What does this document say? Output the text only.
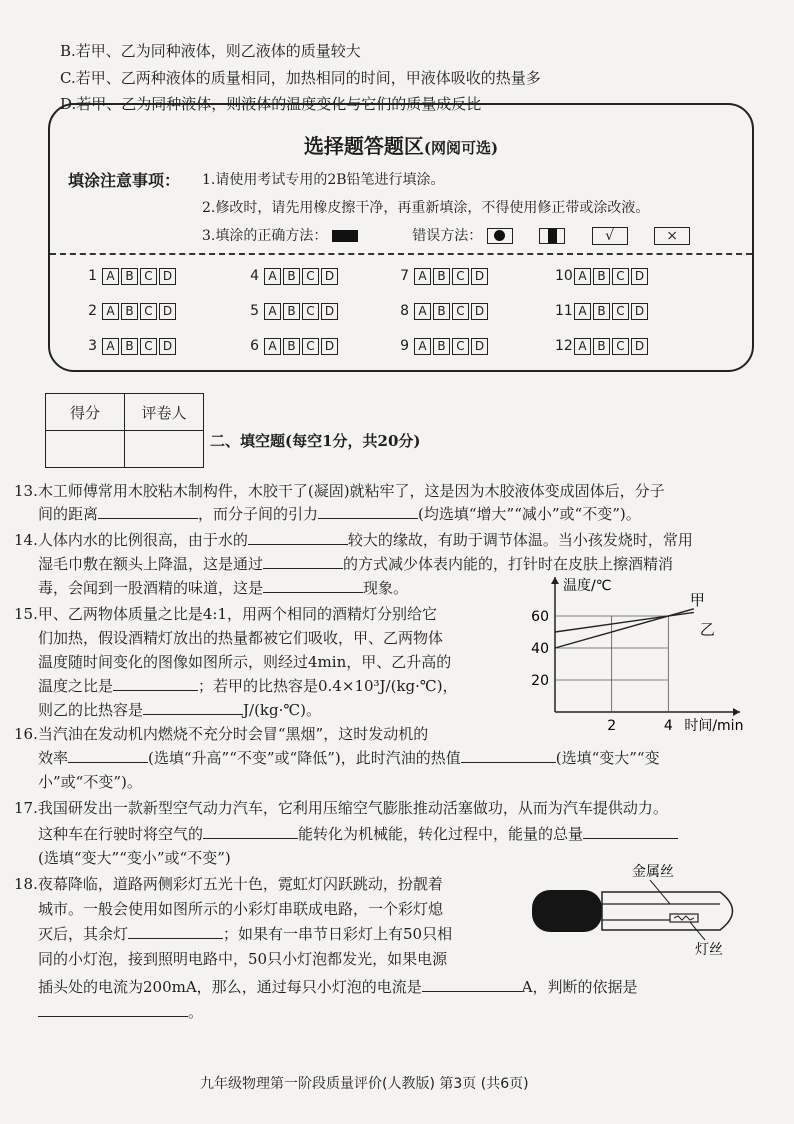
B.若甲、乙为同种液体，则乙液体的质量较大
C.若甲、乙两种液体的质量相同，加热相同的时间，甲液体吸收的热量多
D.若甲、乙为同种液体，则液体的温度变化与它们的质量成反比
选择题答题区(网阅可选)
填涂注意事项： 1.请使用考试专用的2B铅笔进行填涂。
2.修改时，请先用橡皮擦干净，再重新填涂，不得使用修正带或涂改液。
3.填涂的正确方法：	错误方法：
	√	×
1 A B C D
2 A B C D
3 A B C D
4 A B C D
5 A B C D
6 A B C D
7 A B C D
8 A B C D
9 A B C D
10 A B C D
11 A B C D
12 A B C D
得分	评卷人

二、填空题(每空1分，共20分)
13.木工师傅常用木胶粘木制构件，木胶干了(凝固)就粘牢了，这是因为木胶液体变成固体后，分子
间的距离	，而分子间的引力	(均选填“增大”“减小”或“不变”)。
14.人体内水的比例很高，由于水的	较大的缘故，有助于调节体温。当小孩发烧时，常用
湿毛巾敷在额头上降温，这是通过	的方式减少体表内能的，打针时在皮肤上擦酒精消
毒，会闻到一股酒精的味道，这是	现象。
15.甲、乙两物体质量之比是4:1，用两个相同的酒精灯分别给它
们加热，假设酒精灯放出的热量都被它们吸收，甲、乙两物体
温度随时间变化的图像如图所示，则经过4min，甲、乙升高的
温度之比是	；若甲的比热容是0.4×10³J/(kg·℃)，
则乙的比热容是	J/(kg·℃)。
20
40
60
2	4
温度/℃
时间/min
甲
乙
16.当汽油在发动机内燃烧不充分时会冒“黑烟”，这时发动机的
效率	(选填“升高”“不变”或“降低”)，此时汽油的热值	(选填“变大”“变
小”或“不变”)。
17.我国研发出一款新型空气动力汽车，它利用压缩空气膨胀推动活塞做功，从而为汽车提供动力。
这种车在行驶时将空气的	能转化为机械能，转化过程中，能量的总量
(选填“变大”“变小”或“不变”)
18.夜幕降临，道路两侧彩灯五光十色，霓虹灯闪跃跳动，扮靓着
城市。一般会使用如图所示的小彩灯串联成电路，一个彩灯熄
灭后，其余灯	；如果有一串节日彩灯上有50只相
同的小灯泡，接到照明电路中，50只小灯泡都发光，如果电源
插头处的电流为200mA，那么，通过每只小灯泡的电流是	A，判断的依据是
。
金属丝
灯丝
九年级物理第一阶段质量评价(人教版) 第3页 (共6页)
